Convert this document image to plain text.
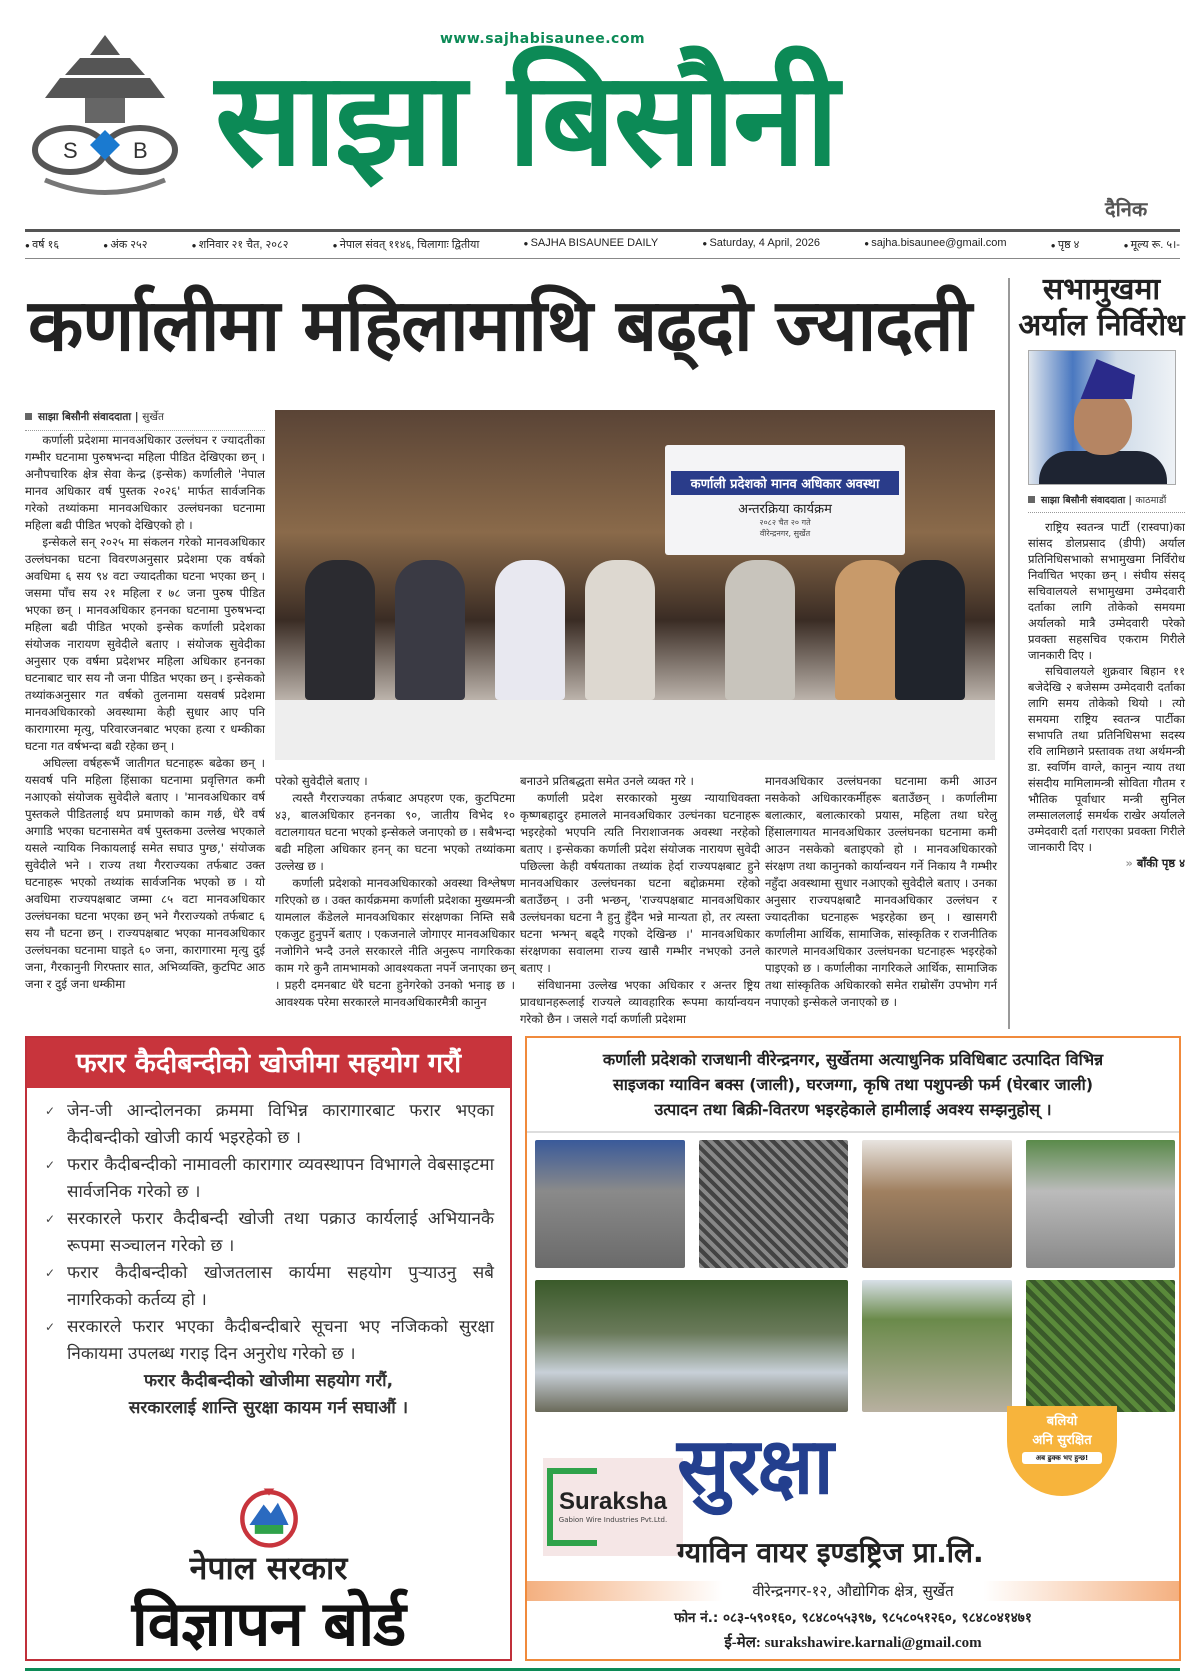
S	B
www.sajhabisaunee.com
साझा बिसौनी
दैनिक
● वर्ष १६	● अंक २५२	● शनिवार २१ चैत, २०८२	● नेपाल संवत् ११४६, चिलागाः द्वितीया	● SAJHA BISAUNEE DAILY	● Saturday, 4 April, 2026	● sajha.bisaunee@gmail.com	● पृष्ठ ४	● मूल्य रू. ५।-
कर्णालीमा महिलामाथि बढ्दो ज्यादती
साझा बिसौनी संवाददाता | सुर्खेत

कर्णाली प्रदेशमा मानवअधिकार उल्लंघन र ज्यादतीका गम्भीर घटनामा पुरुषभन्दा महिला पीडित देखिएका छन् । अनौपचारिक क्षेत्र सेवा केन्द्र (इन्सेक) कर्णालीले 'नेपाल मानव अधिकार वर्ष पुस्तक २०२६' मार्फत सार्वजनिक गरेको तथ्यांकमा मानवअधिकार उल्लंघनका घटनामा महिला बढी पीडित भएको देखिएको हो ।

इन्सेकले सन् २०२५ मा संकलन गरेको मानवअधिकार उल्लंघनका घटना विवरणअनुसार प्रदेशमा एक वर्षको अवधिमा ६ सय ९४ वटा ज्यादतीका घटना भएका छन् । जसमा पाँच सय २१ महिला र ७८ जना पुरुष पीडित भएका छन् । मानवअधिकार हननका घटनामा पुरुषभन्दा महिला बढी पीडित भएको इन्सेक कर्णाली प्रदेशका संयोजक नारायण सुवेदीले बताए । संयोजक सुवेदीका अनुसार एक वर्षमा प्रदेशभर महिला अधिकार हननका घटनाबाट चार सय नौ जना पीडित भएका छन् । इन्सेकको तथ्यांकअनुसार गत वर्षको तुलनामा यसवर्ष प्रदेशमा मानवअधिकारको अवस्थामा केही सुधार आए पनि कारागारमा मृत्यु, परिवारजनबाट भएका हत्या र धम्कीका घटना गत वर्षभन्दा बढी रहेका छन् ।

अघिल्ला वर्षहरूभैं जातीगत घटनाहरू बढेका छन् । यसवर्ष पनि महिला हिंसाका घटनामा प्रवृत्तिगत कमी नआएको संयोजक सुवेदीले बताए । 'मानवअधिकार वर्ष पुस्तकले पीडितलाई थप प्रमाणको काम गर्छ, धेरै वर्ष अगाडि भएका घटनासमेत वर्ष पुस्तकमा उल्लेख भएकाले यसले न्यायिक निकायलाई समेत सघाउ पुग्छ,' संयोजक सुवेदीले भने । राज्य तथा गैरराज्यका तर्फबाट उक्त घटनाहरू भएको तथ्यांक सार्वजनिक भएको छ । यो अवधिमा राज्यपक्षबाट जम्मा ८५ वटा मानवअधिकार उल्लंघनका घटना भएका छन् भने गैरराज्यको तर्फबाट ६ सय नौ घटना छन् । राज्यपक्षबाट भएका मानवअधिकार उल्लंघनका घटनामा घाइते ६० जना, कारागारमा मृत्यु दुई जना, गैरकानुनी गिरफ्तार सात, अभिव्यक्ति, कुटपिट आठ जना र दुई जना धम्कीमा

कर्णाली प्रदेशको मानव अधिकार अवस्था
अन्तरक्रिया कार्यक्रम
२०८२ चैत २० गते
वीरेन्द्रनगर, सुर्खेत

परेको सुवेदीले बताए ।

त्यस्तै गैरराज्यका तर्फबाट अपहरण एक, कुटपिटमा ४३, बालअधिकार हननका ९०, जातीय विभेद १० वटालगायत घटना भएको इन्सेकले जनाएको छ । सबैभन्दा बढी महिला अधिकार हनन् का घटना भएको तथ्यांकमा उल्लेख छ ।

कर्णाली प्रदेशको मानवअधिकारको अवस्था विश्लेषण गरिएको छ । उक्त कार्यक्रममा कर्णाली प्रदेशका मुख्यमन्त्री यामलाल कँडेलले मानवअधिकार संरक्षणका निम्ति सबै एकजुट हुनुपर्ने बताए । एकजनाले जोगाएर मानवअधिकार नजोगिने भन्दै उनले सरकारले नीति अनुरूप नागरिकका काम गरे कुनै तामभामको आवश्यकता नपर्ने जनाएका छन् । प्रहरी दमनबाट धेरै घटना हुनेगरेको उनको भनाइ छ । आवश्यक परेमा सरकारले मानवअधिकारमैत्री कानुन

बनाउने प्रतिबद्धता समेत उनले व्यक्त गरे ।

कर्णाली प्रदेश सरकारको मुख्य न्यायाधिवक्ता कृष्णबहादुर हमालले मानवअधिकार उल्घंनका घटनाहरू भइरहेको भएपनि त्यति निराशाजनक अवस्था नरहेको बताए । इन्सेकका कर्णाली प्रदेश संयोजक नारायण सुवेदी पछिल्ला केही वर्षयताका तथ्यांक हेर्दा राज्यपक्षबाट हुने मानवअधिकार उल्लंघनका घटना बद्दोक्रममा रहेको बताउँछन् । उनी भन्छन्, 'राज्यपक्षबाट मानवअधिकार उल्लंघनका घटना नै हुनु हुँदैन भन्ने मान्यता हो, तर त्यस्ता घटना भन्भन् बढ्दै गएको देखिन्छ ।' मानवअधिकार संरक्षणका सवालमा राज्य खासै गम्भीर नभएको उनले बताए ।

संविधानमा उल्लेख भएका अधिकार र अन्तर ष्ट्रिय प्रावधानहरूलाई राज्यले व्यावहारिक रूपमा कार्यान्वयन गरेको छैन । जसले गर्दा कर्णाली प्रदेशमा

मानवअधिकार उल्लंघनका घटनामा कमी आउन नसकेको अधिकारकर्मीहरू बताउँछन् । कर्णालीमा बलात्कार, बलात्कारको प्रयास, महिला तथा घरेलु हिंसालगायत मानवअधिकार उल्लंघनका घटनामा कमी आउन नसकेको बताइएको हो । मानवअधिकारको संरक्षण तथा कानुनको कार्यान्वयन गर्ने निकाय नै गम्भीर नहुँदा अवस्थामा सुधार नआएको सुवेदीले बताए । उनका अनुसार राज्यपक्षबाटै मानवअधिकार उल्लंघन र ज्यादतीका घटनाहरू भइरहेका छन् । खासगरी कर्णालीमा आर्थिक, सामाजिक, सांस्कृतिक र राजनीतिक कारणले मानवअधिकार उल्लंघनका घटनाहरू भइरहेको पाइएको छ । कर्णालीका नागरिकले आर्थिक, सामाजिक तथा सांस्कृतिक अधिकारको समेत राम्रोसँग उपभोग गर्न नपाएको इन्सेकले जनाएको छ ।

सभामुखमा अर्याल निर्विरोध
साझा बिसौनी संवाददाता | काठमाडौं

राष्ट्रिय स्वतन्त्र पार्टी (रास्वपा)का सांसद डोलप्रसाद (डीपी) अर्याल प्रतिनिधिसभाको सभामुखमा निर्विरोध निर्वाचित भएका छन् । संघीय संसद् सचिवालयले सभामुखमा उम्मेदवारी दर्ताका लागि तोकेको समयमा अर्यालको मात्रै उम्मेदवारी परेको प्रवक्ता सहसचिव एकराम गिरीले जानकारी दिए ।

सचिवालयले शुक्रवार बिहान ११ बजेदेखि २ बजेसम्म उम्मेदवारी दर्ताका लागि समय तोकेको थियो । त्यो समयमा राष्ट्रिय स्वतन्त्र पार्टीका सभापति तथा प्रतिनिधिसभा सदस्य रवि लामिछाने प्रस्तावक तथा अर्थमन्त्री डा. स्वर्णिम वाग्ले, कानुन न्याय तथा संसदीय मामिलामन्त्री सोविता गौतम र भौतिक पूर्वाधार मन्त्री सुनिल लम्सालललाई समर्थक राखेर अर्यालले उम्मेदवारी दर्ता गराएका प्रवक्ता गिरीले जानकारी दिए ।

» बाँकी पृष्ठ ४
फरार कैदीबन्दीको खोजीमा सहयोग गरौं
✓ जेन-जी आन्दोलनका क्रममा विभिन्न कारागारबाट फरार भएका कैदीबन्दीको खोजी कार्य भइरहेको छ ।
✓ फरार कैदीबन्दीको नामावली कारागार व्यवस्थापन विभागले वेबसाइटमा सार्वजनिक गरेको छ ।
✓ सरकारले फरार कैदीबन्दी खोजी तथा पक्राउ कार्यलाई अभियानकै रूपमा सञ्चालन गरेको छ ।
✓ फरार कैदीबन्दीको खोजतलास कार्यमा सहयोग पुऱ्याउनु सबै नागरिकको कर्तव्य हो ।
✓ सरकारले फरार भएका कैदीबन्दीबारे सूचना भए नजिकको सुरक्षा निकायमा उपलब्ध गराइ दिन अनुरोध गरेको छ ।
फरार कैदीबन्दीको खोजीमा सहयोग गरौं,
सरकारलाई शान्ति सुरक्षा कायम गर्न सघाऔं ।
नेपाल सरकार
विज्ञापन बोर्ड
कर्णाली प्रदेशको राजधानी वीरेन्द्रनगर, सुर्खेतमा अत्याधुनिक प्रविधिबाट उत्पादित विभिन्न
साइजका ग्याविन बक्स (जाली), घरजग्गा, कृषि तथा पशुपन्छी फर्म (घेरबार जाली)
उत्पादन तथा बिक्री-वितरण भइरहेकाले हामीलाई अवश्य सम्झनुहोस् ।
Suraksha
Gabion Wire Industries Pvt.Ltd.
सुरक्षा
बलियो
अनि सुरक्षित
अब ढुक्क भए हुन्छ!
ग्याविन वायर इण्डष्ट्रिज प्रा.लि.
वीरेन्द्रनगर-१२, औद्योगिक क्षेत्र, सुर्खेत
फोन नं.: ०८३-५९०१६०, ९८४८०५५३९७, ९८५८०५१२६०, ९८४८०४१४७१
ई-मेल: surakshawire.karnali@gmail.com
